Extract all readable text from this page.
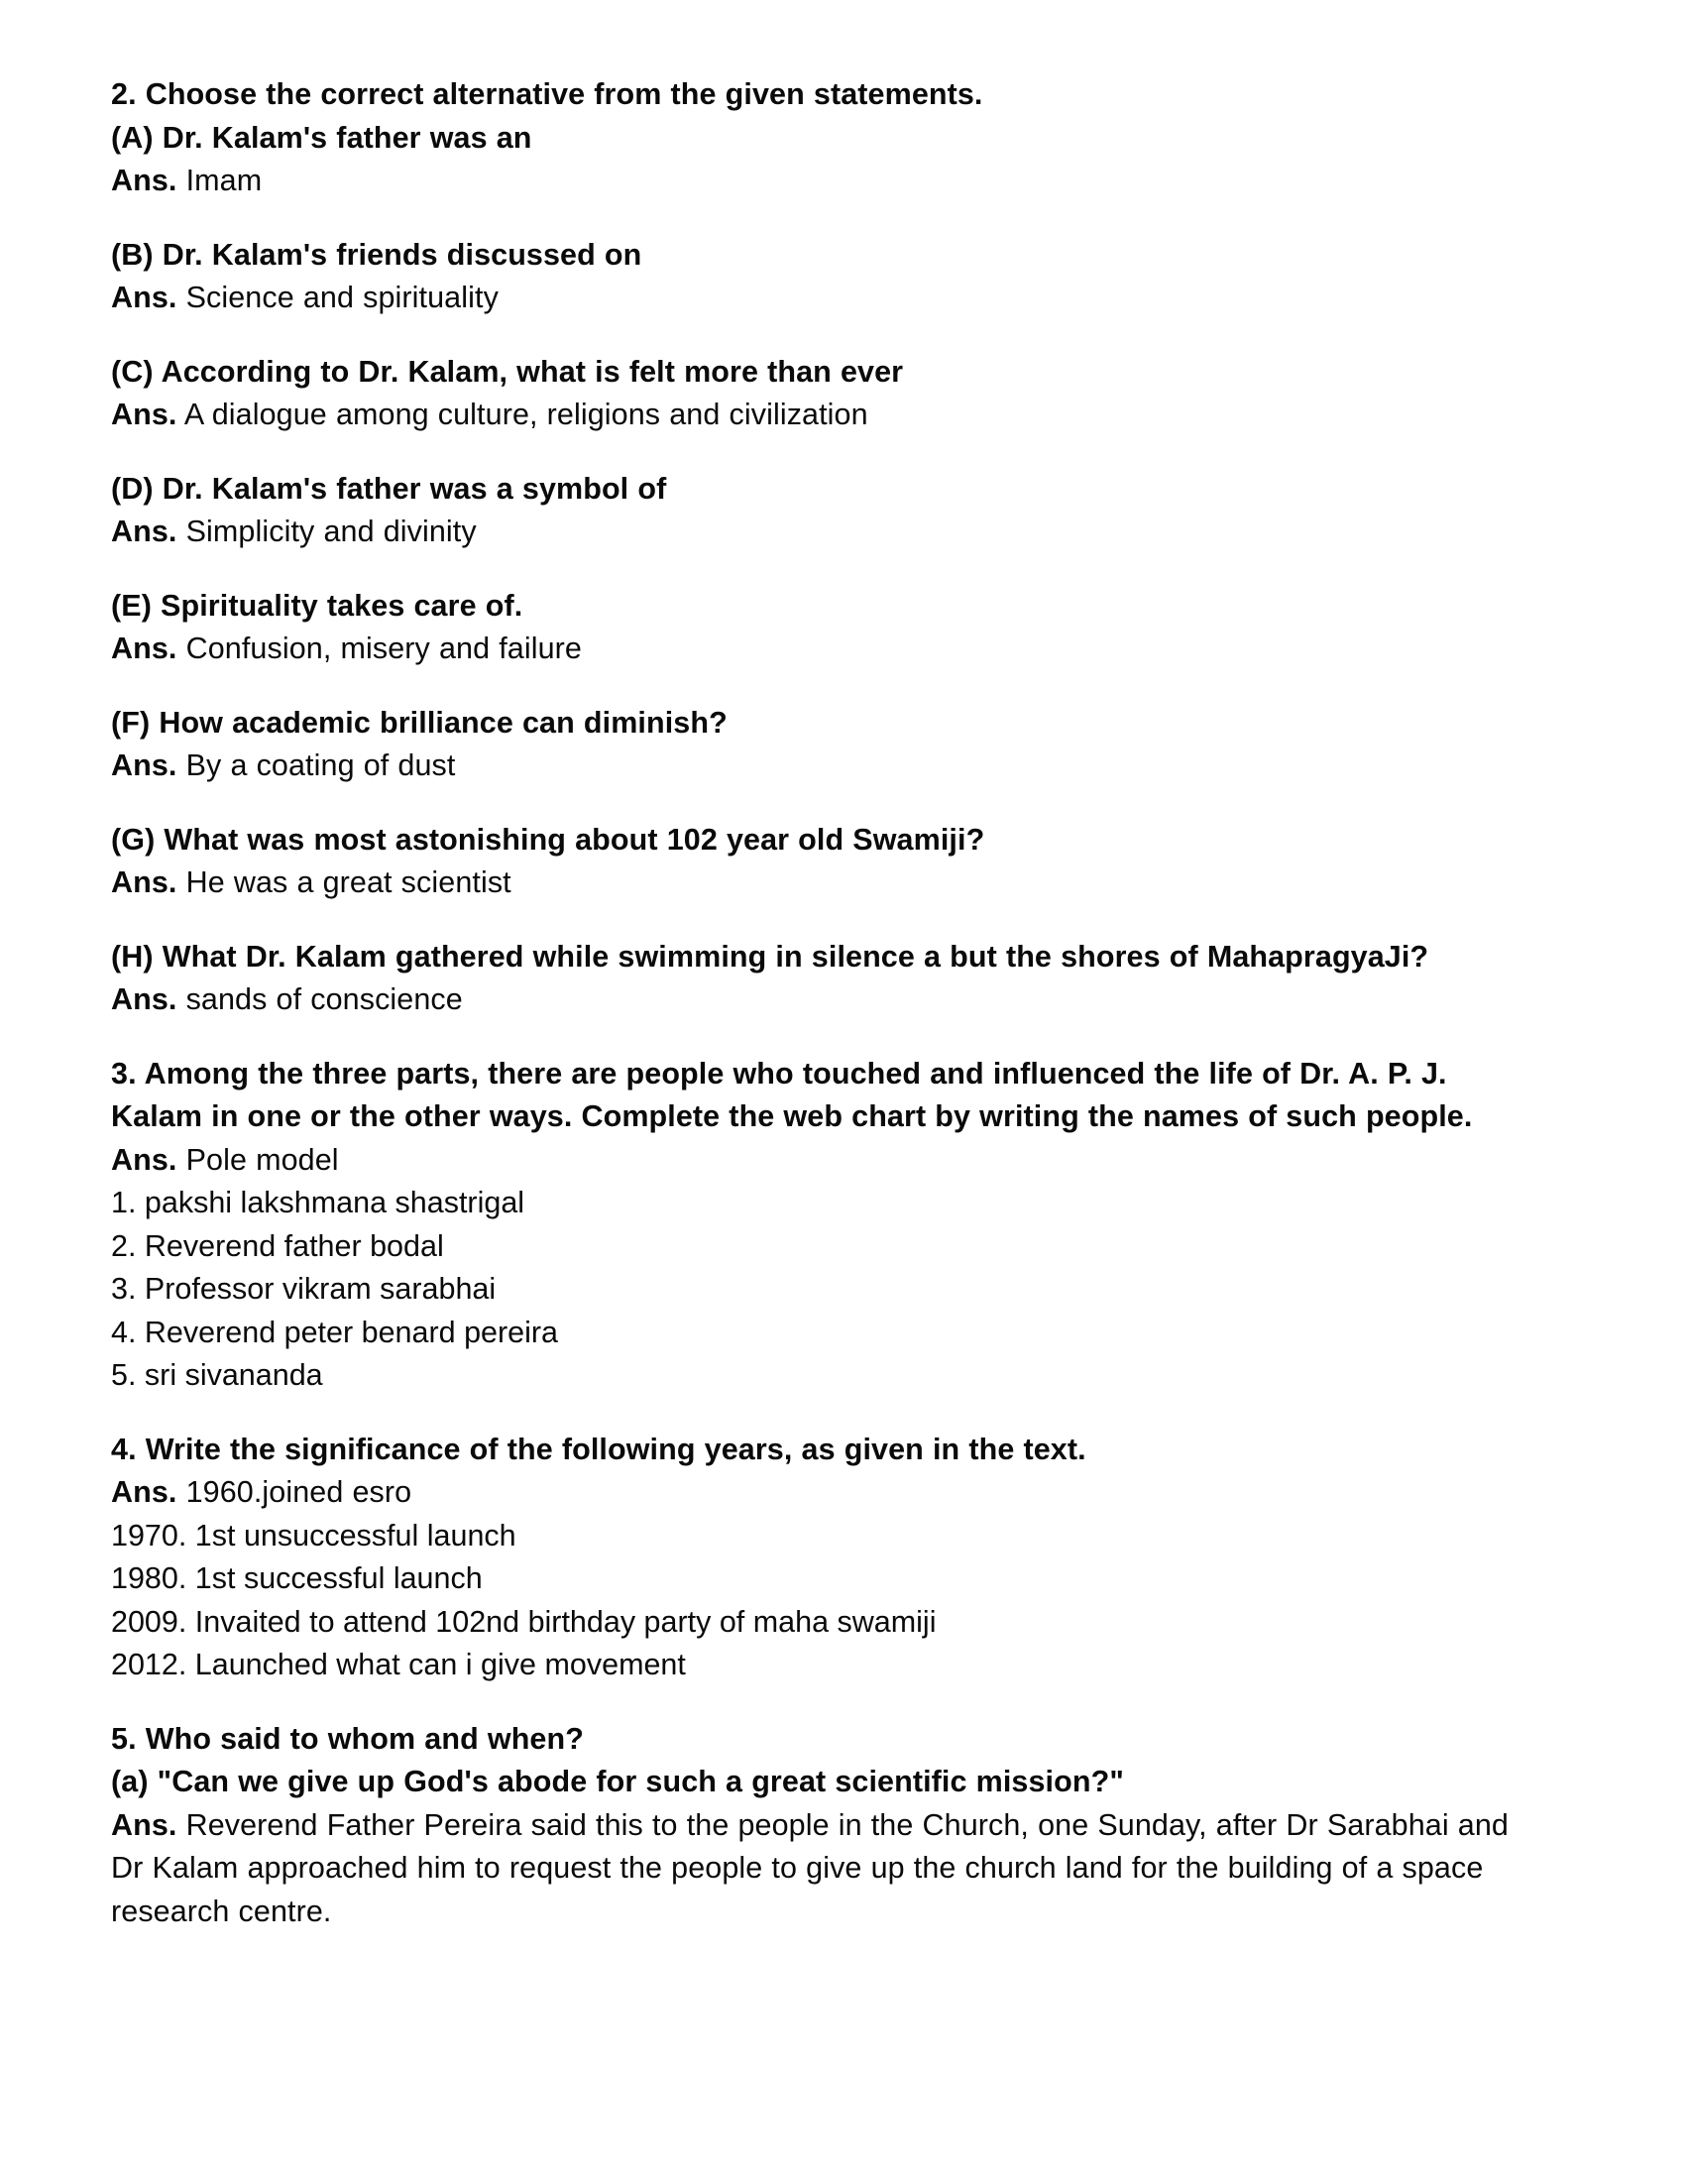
2. Choose the correct alternative from the given statements.
(A) Dr. Kalam's father was an
Ans. Imam
(B) Dr. Kalam's friends discussed on
Ans. Science and spirituality
(C) According to Dr. Kalam, what is felt more than ever
Ans. A dialogue among culture, religions and civilization
(D) Dr. Kalam's father was a symbol of
Ans. Simplicity and divinity
(E) Spirituality takes care of.
Ans. Confusion, misery and failure
(F) How academic brilliance can diminish?
Ans. By a coating of dust
(G) What was most astonishing about 102 year old Swamiji?
Ans. He was a great scientist
(H) What Dr. Kalam gathered while swimming in silence a but the shores of MahapragyaJi?
Ans. sands of conscience
3. Among the three parts, there are people who touched and influenced the life of Dr. A. P. J. Kalam in one or the other ways. Complete the web chart by writing the names of such people.
Ans. Pole model
1. pakshi lakshmana shastrigal
2. Reverend father bodal
3. Professor vikram sarabhai
4. Reverend peter benard pereira
5. sri sivananda
4. Write the significance of the following years, as given in the text.
Ans. 1960.joined esro
1970. 1st unsuccessful launch
1980. 1st successful launch
2009. Invaited to attend 102nd birthday party of maha swamiji
2012. Launched what can i give movement
5. Who said to whom and when?
(a) "Can we give up God's abode for such a great scientific mission?"
Ans. Reverend Father Pereira said this to the people in the Church, one Sunday, after Dr Sarabhai and Dr Kalam approached him to request the people to give up the church land for the building of a space research centre.
